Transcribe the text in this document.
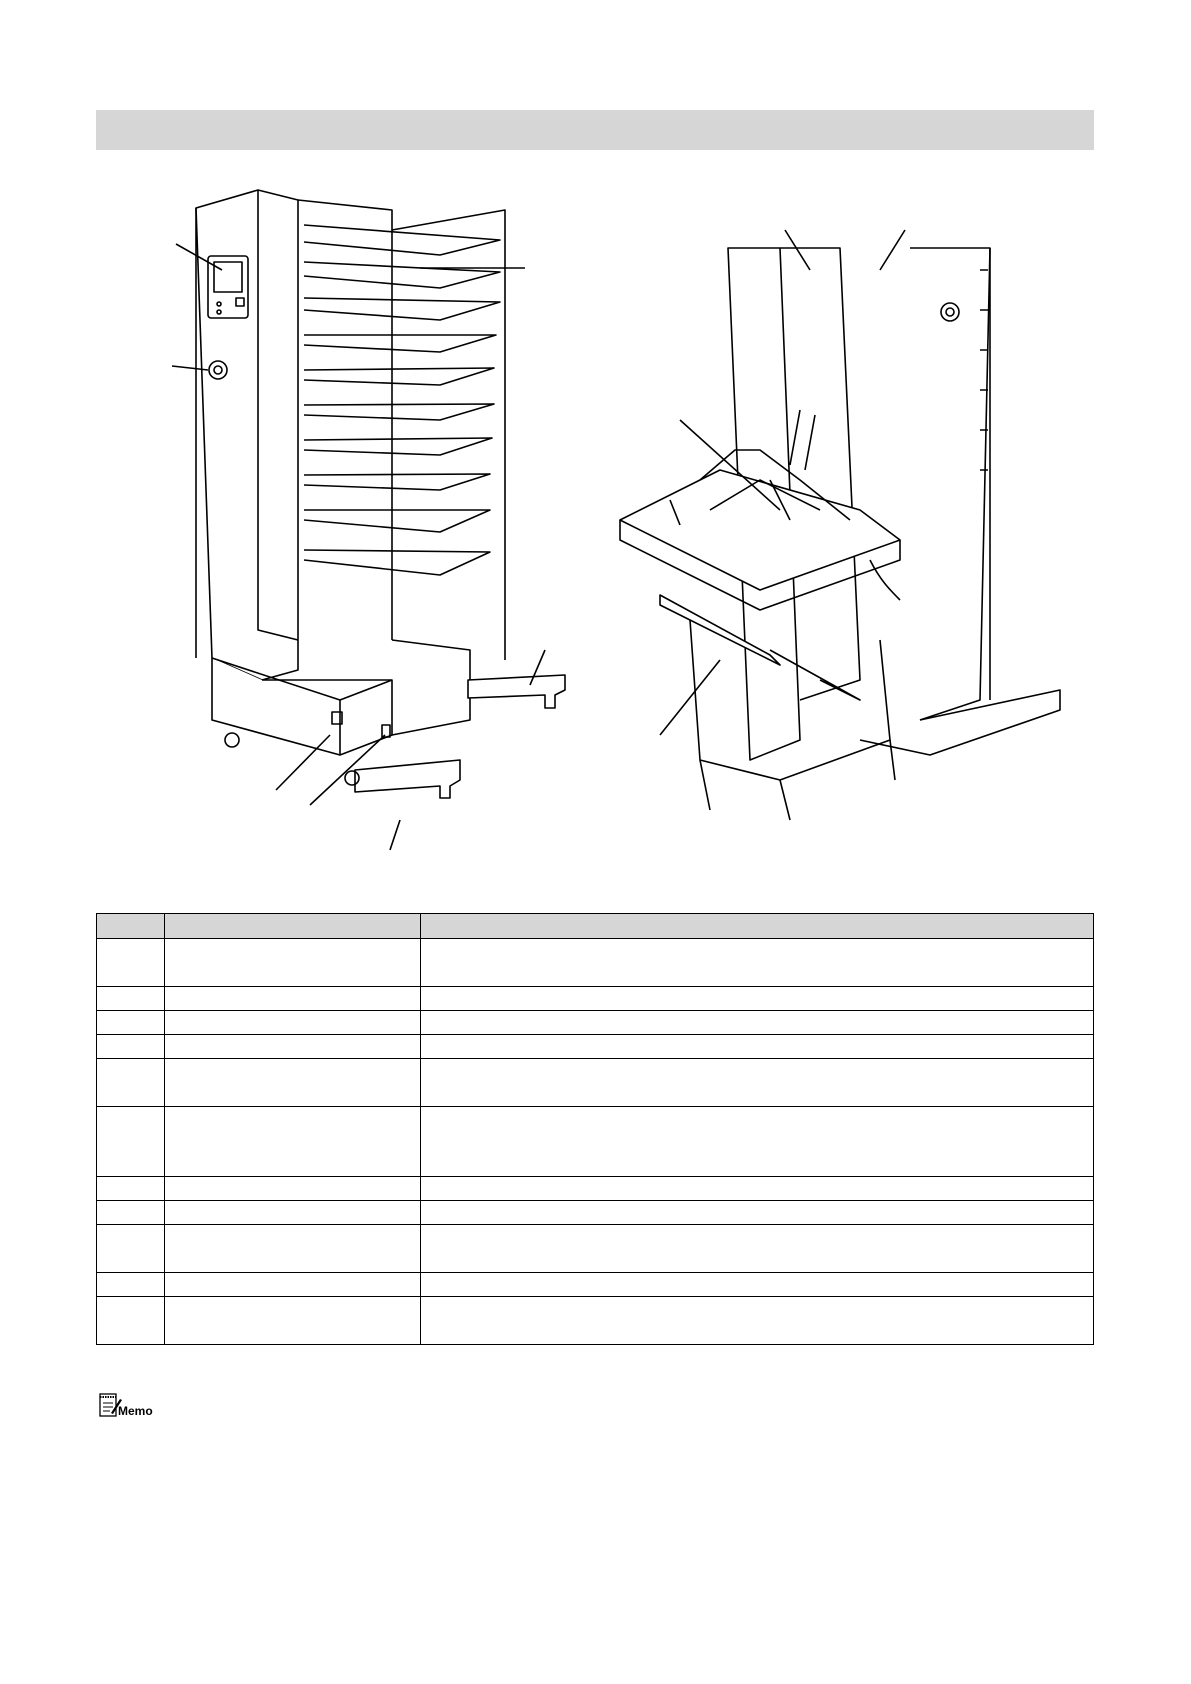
Memo
